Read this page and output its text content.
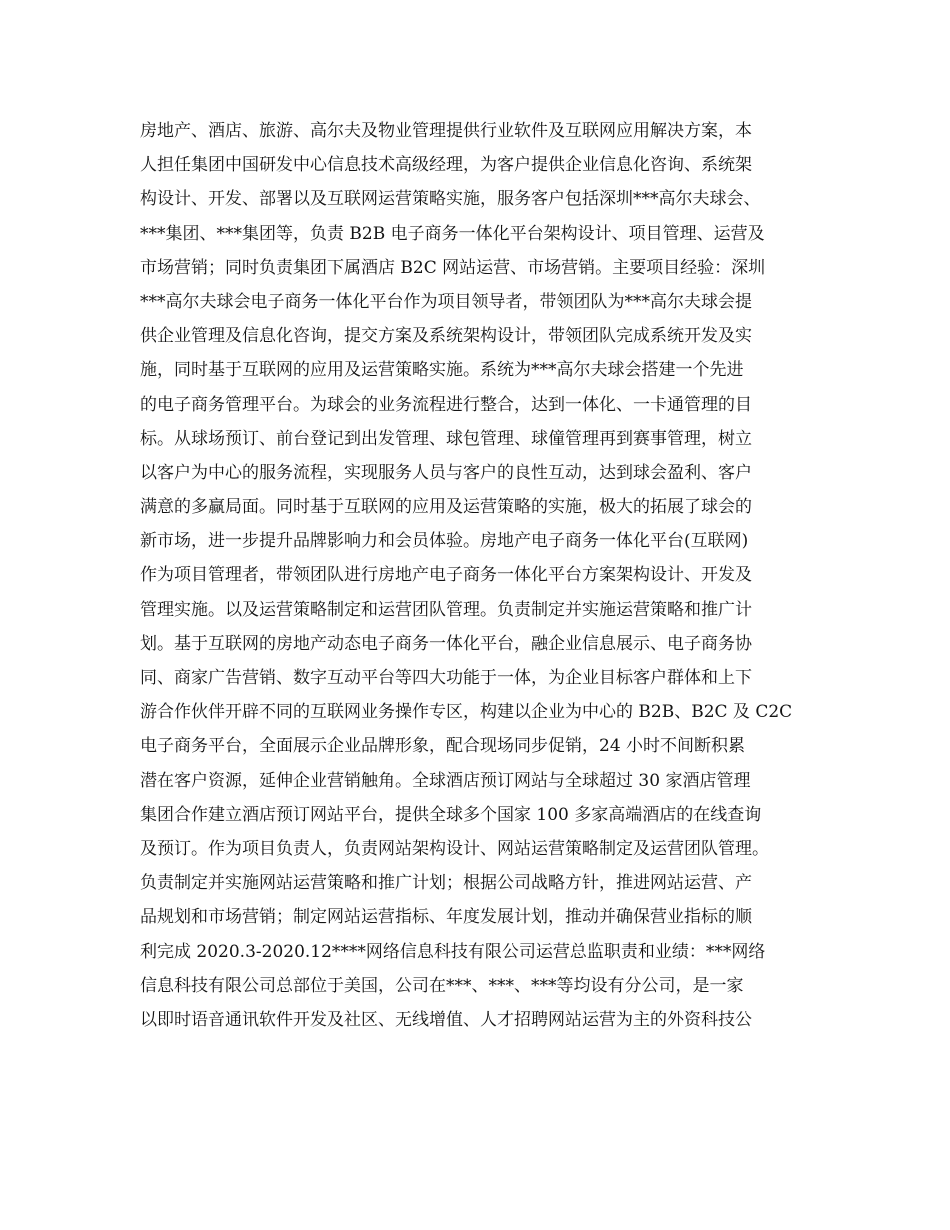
房地产、酒店、旅游、高尔夫及物业管理提供行业软件及互联网应用解决方案，本
人担任集团中国研发中心信息技术高级经理，为客户提供企业信息化咨询、系统架
构设计、开发、部署以及互联网运营策略实施，服务客户包括深圳***高尔夫球会、
***集团、***集团等，负责 B2B 电子商务一体化平台架构设计、项目管理、运营及
市场营销；同时负责集团下属酒店 B2C 网站运营、市场营销。主要项目经验：深圳
***高尔夫球会电子商务一体化平台作为项目领导者，带领团队为***高尔夫球会提
供企业管理及信息化咨询，提交方案及系统架构设计，带领团队完成系统开发及实
施，同时基于互联网的应用及运营策略实施。系统为***高尔夫球会搭建一个先进
的电子商务管理平台。为球会的业务流程进行整合，达到一体化、一卡通管理的目
标。从球场预订、前台登记到出发管理、球包管理、球僮管理再到赛事管理，树立
以客户为中心的服务流程，实现服务人员与客户的良性互动，达到球会盈利、客户
满意的多赢局面。同时基于互联网的应用及运营策略的实施，极大的拓展了球会的
新市场，进一步提升品牌影响力和会员体验。房地产电子商务一体化平台(互联网)
作为项目管理者，带领团队进行房地产电子商务一体化平台方案架构设计、开发及
管理实施。以及运营策略制定和运营团队管理。负责制定并实施运营策略和推广计
划。基于互联网的房地产动态电子商务一体化平台，融企业信息展示、电子商务协
同、商家广告营销、数字互动平台等四大功能于一体，为企业目标客户群体和上下
游合作伙伴开辟不同的互联网业务操作专区，构建以企业为中心的 B2B、B2C 及 C2C
电子商务平台，全面展示企业品牌形象，配合现场同步促销，24 小时不间断积累
潜在客户资源，延伸企业营销触角。全球酒店预订网站与全球超过 30 家酒店管理
集团合作建立酒店预订网站平台，提供全球多个国家 100 多家高端酒店的在线查询
及预订。作为项目负责人，负责网站架构设计、网站运营策略制定及运营团队管理。
负责制定并实施网站运营策略和推广计划；根据公司战略方针，推进网站运营、产
品规划和市场营销；制定网站运营指标、年度发展计划，推动并确保营业指标的顺
利完成 2020.3-2020.12****网络信息科技有限公司运营总监职责和业绩：***网络
信息科技有限公司总部位于美国，公司在***、***、***等均设有分公司，是一家
以即时语音通讯软件开发及社区、无线增值、人才招聘网站运营为主的外资科技公
